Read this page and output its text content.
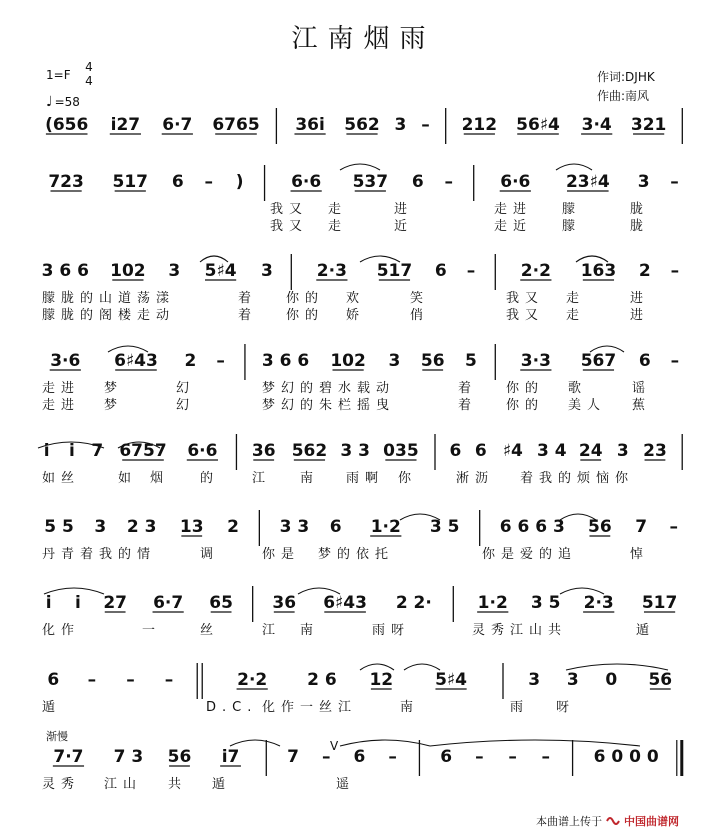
江南烟雨
1=F
4
4
♩ =58
作词:DJHK
作曲:南风
(656 i27 6·7 6765 36i 562 3 – 212 56♯4 3·4 321
723 517 6 – )	6·6 537 6 –	6·6 23♯4 3 –
我又 走	进	走进 朦	胧
我又 走	近	走近 朦	胧
3 6 6 102 3 5♯4 3	2·3 517 6 –	2·2 163 2 –
朦胧的山道荡漾	着 你的 欢	笑	我又 走	进
朦胧的阁楼走动	着 你的 娇	俏	我又 走	进
3·6 6♯43 2 – 3 6 6 102 3 56 5	3·3 567 6 –
走进 梦	幻	梦幻的碧水载动	着 你的 歌	谣
走进 梦	幻	梦幻的朱栏摇曳	着 你的 美人 蕉
i i 7 6757 6·6 36 562 3 3 035 6 6 ♯4 3 4 24 3 23
如丝	如 烟 的	江 南 雨啊 你	淅沥 着我的烦恼你
5 5 3 2 3 13 2 3 3 6 1·2 3 5 6 6 6 3 56 7 –
丹青着我的情	调	你是 梦的依托	你是爱的追	悼
i i 27 6·7 65 36 6♯43 2 2·	1·2 3 5 2·3 517
化作	一	丝	江 南	雨呀	灵秀江山共	遁
6 – – –	2·2 2 6 12 5♯4	3 3 0 56
遁	D.C. 化作一丝江	南	雨 呀
7·7 7 3 56 i7	7 – 6 –	6 – – –	6 0 0 0
渐慢
V
灵秀 江山 共 遁	遥
本曲谱上传于 中国曲谱网
